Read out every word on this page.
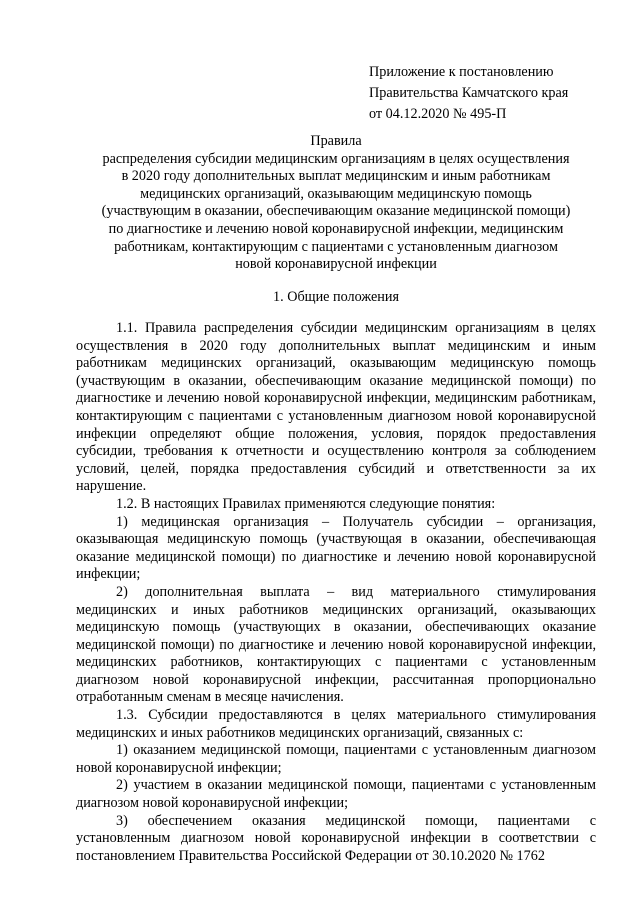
Приложение к постановлению
Правительства Камчатского края
от 04.12.2020 № 495-П
Правила
распределения субсидии медицинским организациям в целях осуществления
в 2020 году дополнительных выплат медицинским и иным работникам
медицинских организаций, оказывающим медицинскую помощь
(участвующим в оказании, обеспечивающим оказание медицинской помощи)
по диагностике и лечению новой коронавирусной инфекции, медицинским
работникам, контактирующим с пациентами с установленным диагнозом
новой коронавирусной инфекции
1. Общие положения

1.1. Правила распределения субсидии медицинским организациям в целях осуществления в 2020 году дополнительных выплат медицинским и иным работникам медицинских организаций, оказывающим медицинскую помощь (участвующим в оказании, обеспечивающим оказание медицинской помощи) по диагностике и лечению новой коронавирусной инфекции, медицинским работникам, контактирующим с пациентами с установленным диагнозом новой коронавирусной инфекции определяют общие положения, условия, порядок предоставления субсидии, требования к отчетности и осуществлению контроля за соблюдением условий, целей, порядка предоставления субсидий и ответственности за их нарушение.

1.2. В настоящих Правилах применяются следующие понятия:

1) медицинская организация – Получатель субсидии – организация, оказывающая медицинскую помощь (участвующая в оказании, обеспечивающая оказание медицинской помощи) по диагностике и лечению новой коронавирусной инфекции;

2) дополнительная выплата – вид материального стимулирования медицинских и иных работников медицинских организаций, оказывающих медицинскую помощь (участвующих в оказании, обеспечивающих оказание медицинской помощи) по диагностике и лечению новой коронавирусной инфекции, медицинских работников, контактирующих с пациентами с установленным диагнозом новой коронавирусной инфекции, рассчитанная пропорционально отработанным сменам в месяце начисления.

1.3. Субсидии предоставляются в целях материального стимулирования медицинских и иных работников медицинских организаций, связанных с:

1) оказанием медицинской помощи, пациентами с установленным диагнозом новой коронавирусной инфекции;

2) участием в оказании медицинской помощи, пациентами с установленным диагнозом новой коронавирусной инфекции;

3) обеспечением оказания медицинской помощи, пациентами с установленным диагнозом новой коронавирусной инфекции в соответствии с постановлением Правительства Российской Федерации от 30.10.2020 № 1762
